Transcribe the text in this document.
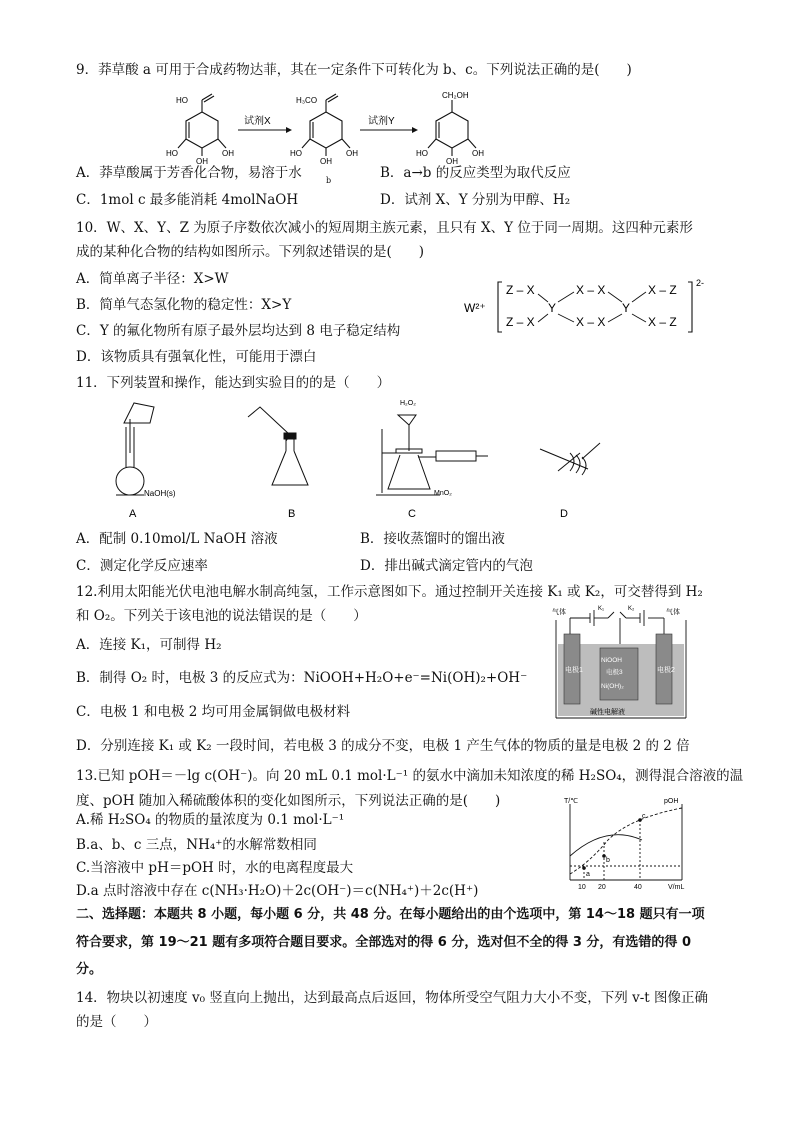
9．莽草酸 a 可用于合成药物达菲，其在一定条件下可转化为 b、c。下列说法正确的是(　　)
HO
HO
OH
OH
试剂X
H₃CO
HO
OH
OH
试剂Y
CH₂OH
HO
OH
OH
A．莽草酸属于芳香化合物，易溶于水	b	B．a→b 的反应类型为取代反应
C．1mol c 最多能消耗 4molNaOH	D．试剂 X、Y 分别为甲醇、H₂
10．W、X、Y、Z 为原子序数依次减小的短周期主族元素，且只有 X、Y 位于同一周期。这四种元素形
成的某种化合物的结构如图所示。下列叙述错误的是(　　)
A．简单离子半径：X>W
B．简单气态氢化物的稳定性：X>Y
C．Y 的氟化物所有原子最外层均达到 8 电子稳定结构
D．该物质具有强氧化性，可能用于漂白
W²⁺
2-
Z – X
Z – X
Y
X – X
X – X
Y
X – Z
X – Z
11．下列装置和操作，能达到实验目的的是（　　）
NaOH(s)
H₂O₂
MnO₂
A	B	C	D
A．配制 0.10mol/L NaOH 溶液	B．接收蒸馏时的馏出液
C．测定化学反应速率	D．排出碱式滴定管内的气泡
12.利用太阳能光伏电池电解水制高纯氢，工作示意图如下。通过控制开关连接 K₁ 或 K₂，可交替得到 H₂
和 O₂。下列关于该电池的说法错误的是（　　）
A．连接 K₁，可制得 H₂
B．制得 O₂ 时，电极 3 的反应式为：NiOOH+H₂O+e⁻=Ni(OH)₂+OH⁻
C．电极 1 和电极 2 均可用金属铜做电极材料
D．分别连接 K₁ 或 K₂ 一段时间，若电极 3 的成分不变，电极 1 产生气体的物质的量是电极 2 的 2 倍
气体	气体
K₁	K₂
电极1	电极2
NiOOH
电极3
Ni(OH)₂
碱性电解液
13.已知 pOH＝－lg c(OH⁻)。向 20 mL 0.1 mol·L⁻¹ 的氨水中滴加未知浓度的稀 H₂SO₄，测得混合溶液的温
度、pOH 随加入稀硫酸体积的变化如图所示，下列说法正确的是(　　)
A.稀 H₂SO₄ 的物质的量浓度为 0.1 mol·L⁻¹
B.a、b、c 三点，NH₄⁺的水解常数相同
C.当溶液中 pH＝pOH 时，水的电离程度最大
D.a 点时溶液中存在 c(NH₃·H₂O)＋2c(OH⁻)＝c(NH₄⁺)＋2c(H⁺)
T/℃	pOH
10 20	40	V/mL
a
b
c
二、选择题：本题共 8 小题，每小题 6 分，共 48 分。在每小题给出的由个选项中，第 14～18 题只有一项
符合要求，第 19～21 题有多项符合题目要求。全部选对的得 6 分，选对但不全的得 3 分，有选错的得 0
分。
14．物块以初速度 v₀ 竖直向上抛出，达到最高点后返回，物体所受空气阻力大小不变，下列 v-t 图像正确
的是（　　）
